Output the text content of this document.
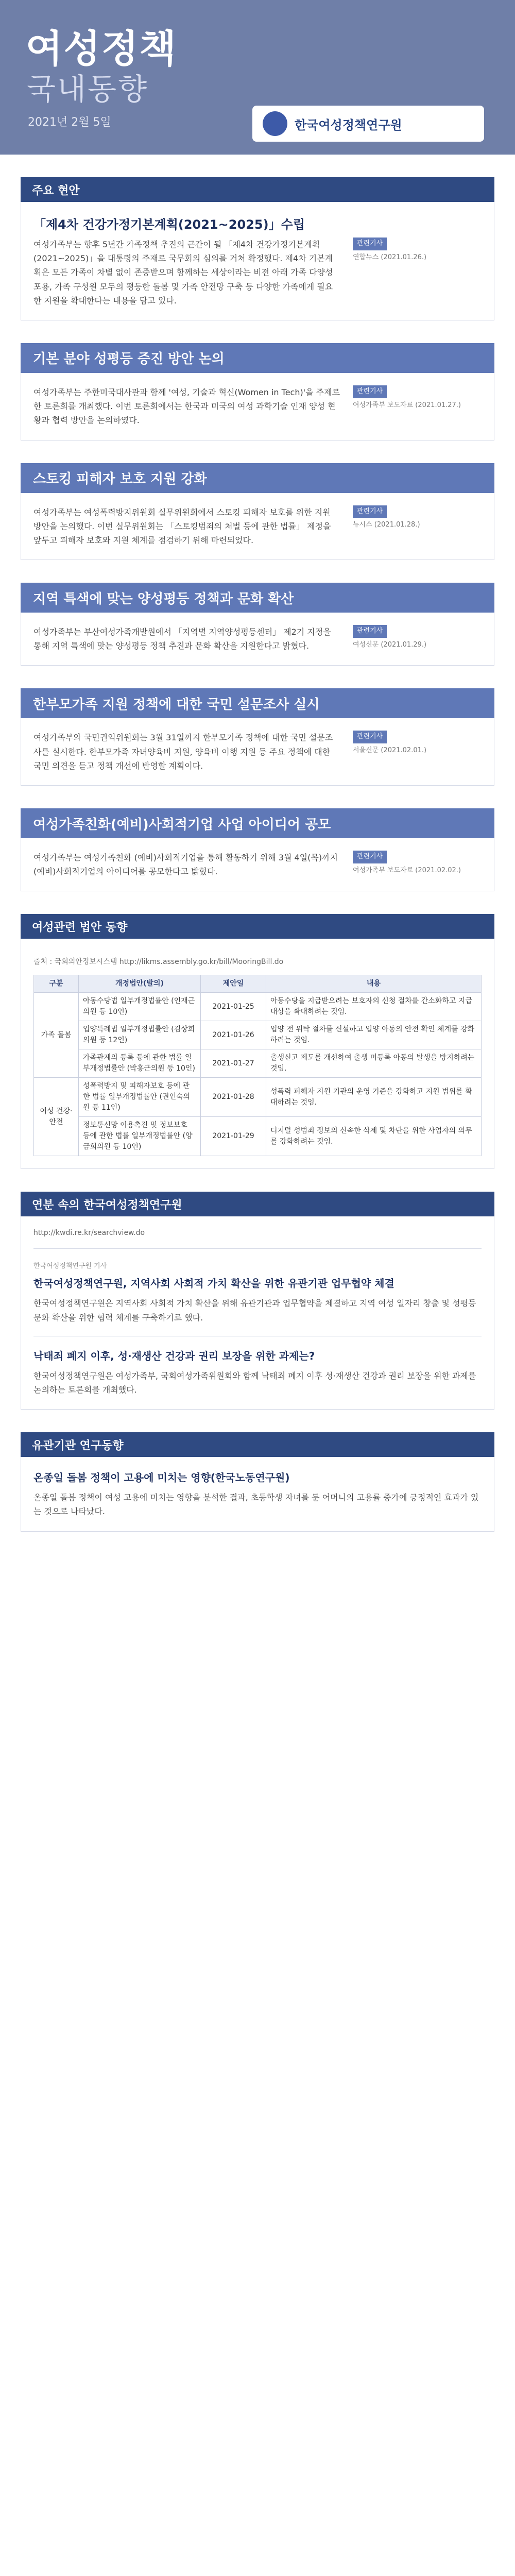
여성정책
국내동향
2021년 2월 5일	한국여성정책연구원
주요 현안
「제4차 건강가정기본계획(2021~2025)」수립
여성가족부는 향후 5년간 가족정책 추진의 근간이 될 「제4차 건강가정기본계획(2021~2025)」을 대통령의 주재로 국무회의 심의를 거쳐 확정했다. 제4차 기본계획은 모든 가족이 차별 없이 존중받으며 함께하는 세상이라는 비전 아래 가족 다양성 포용, 가족 구성원 모두의 평등한 돌봄 및 가족 안전망 구축 등 다양한 가족에게 필요한 지원을 확대한다는 내용을 담고 있다.
관련기사
연합뉴스 (2021.01.26.)
기본 분야 성평등 증진 방안 논의
여성가족부는 주한미국대사관과 함께 '여성, 기술과 혁신(Women in Tech)'을 주제로 한 토론회를 개최했다. 이번 토론회에서는 한국과 미국의 여성 과학기술 인재 양성 현황과 협력 방안을 논의하였다.
관련기사
여성가족부 보도자료 (2021.01.27.)
스토킹 피해자 보호 지원 강화
여성가족부는 여성폭력방지위원회 실무위원회에서 스토킹 피해자 보호를 위한 지원 방안을 논의했다. 이번 실무위원회는 「스토킹범죄의 처벌 등에 관한 법률」 제정을 앞두고 피해자 보호와 지원 체계를 점검하기 위해 마련되었다.
관련기사
뉴시스 (2021.01.28.)
지역 특색에 맞는 양성평등 정책과 문화 확산
여성가족부는 부산여성가족개발원에서 「지역별 지역양성평등센터」 제2기 지정을 통해 지역 특색에 맞는 양성평등 정책 추진과 문화 확산을 지원한다고 밝혔다.
관련기사
여성신문 (2021.01.29.)
한부모가족 지원 정책에 대한 국민 설문조사 실시
여성가족부와 국민권익위원회는 3월 31일까지 한부모가족 정책에 대한 국민 설문조사를 실시한다. 한부모가족 자녀양육비 지원, 양육비 이행 지원 등 주요 정책에 대한 국민 의견을 듣고 정책 개선에 반영할 계획이다.
관련기사
서울신문 (2021.02.01.)
여성가족친화(예비)사회적기업 사업 아이디어 공모
여성가족부는 여성가족친화 (예비)사회적기업을 통해 활동하기 위해 3월 4일(목)까지 (예비)사회적기업의 아이디어를 공모한다고 밝혔다.
관련기사
여성가족부 보도자료 (2021.02.02.)
여성관련 법안 동향
출처 : 국회의안정보시스템 http://likms.assembly.go.kr/bill/MooringBill.do
구분	개정법안(발의)	제안일	내용
가족 돌봄	아동수당법 일부개정법률안 (인재근의원 등 10인)	2021-01-25	아동수당을 지급받으려는 보호자의 신청 절차를 간소화하고 지급 대상을 확대하려는 것임.
	입양특례법 일부개정법률안 (김상희의원 등 12인)	2021-01-26	입양 전 위탁 절차를 신설하고 입양 아동의 안전 확인 체계를 강화하려는 것임.
	가족관계의 등록 등에 관한 법률 일부개정법률안 (박홍근의원 등 10인)	2021-01-27	출생신고 제도를 개선하여 출생 미등록 아동의 발생을 방지하려는 것임.
여성 건강·안전	성폭력방지 및 피해자보호 등에 관한 법률 일부개정법률안 (권인숙의원 등 11인)	2021-01-28	성폭력 피해자 지원 기관의 운영 기준을 강화하고 지원 범위를 확대하려는 것임.
	정보통신망 이용촉진 및 정보보호 등에 관한 법률 일부개정법률안 (양금희의원 등 10인)	2021-01-29	디지털 성범죄 정보의 신속한 삭제 및 차단을 위한 사업자의 의무를 강화하려는 것임.
연분 속의 한국여성정책연구원
http://kwdi.re.kr/searchview.do
한국여성정책연구원 기사
한국여성정책연구원, 지역사회 사회적 가치 확산을 위한 유관기관 업무협약 체결
한국여성정책연구원은 지역사회 사회적 가치 확산을 위해 유관기관과 업무협약을 체결하고 지역 여성 일자리 창출 및 성평등 문화 확산을 위한 협력 체계를 구축하기로 했다.
낙태죄 폐지 이후, 성·재생산 건강과 권리 보장을 위한 과제는?
한국여성정책연구원은 여성가족부, 국회여성가족위원회와 함께 낙태죄 폐지 이후 성·재생산 건강과 권리 보장을 위한 과제를 논의하는 토론회를 개최했다.
유관기관 연구동향
온종일 돌봄 정책이 고용에 미치는 영향(한국노동연구원)
온종일 돌봄 정책이 여성 고용에 미치는 영향을 분석한 결과, 초등학생 자녀를 둔 어머니의 고용률 증가에 긍정적인 효과가 있는 것으로 나타났다.
